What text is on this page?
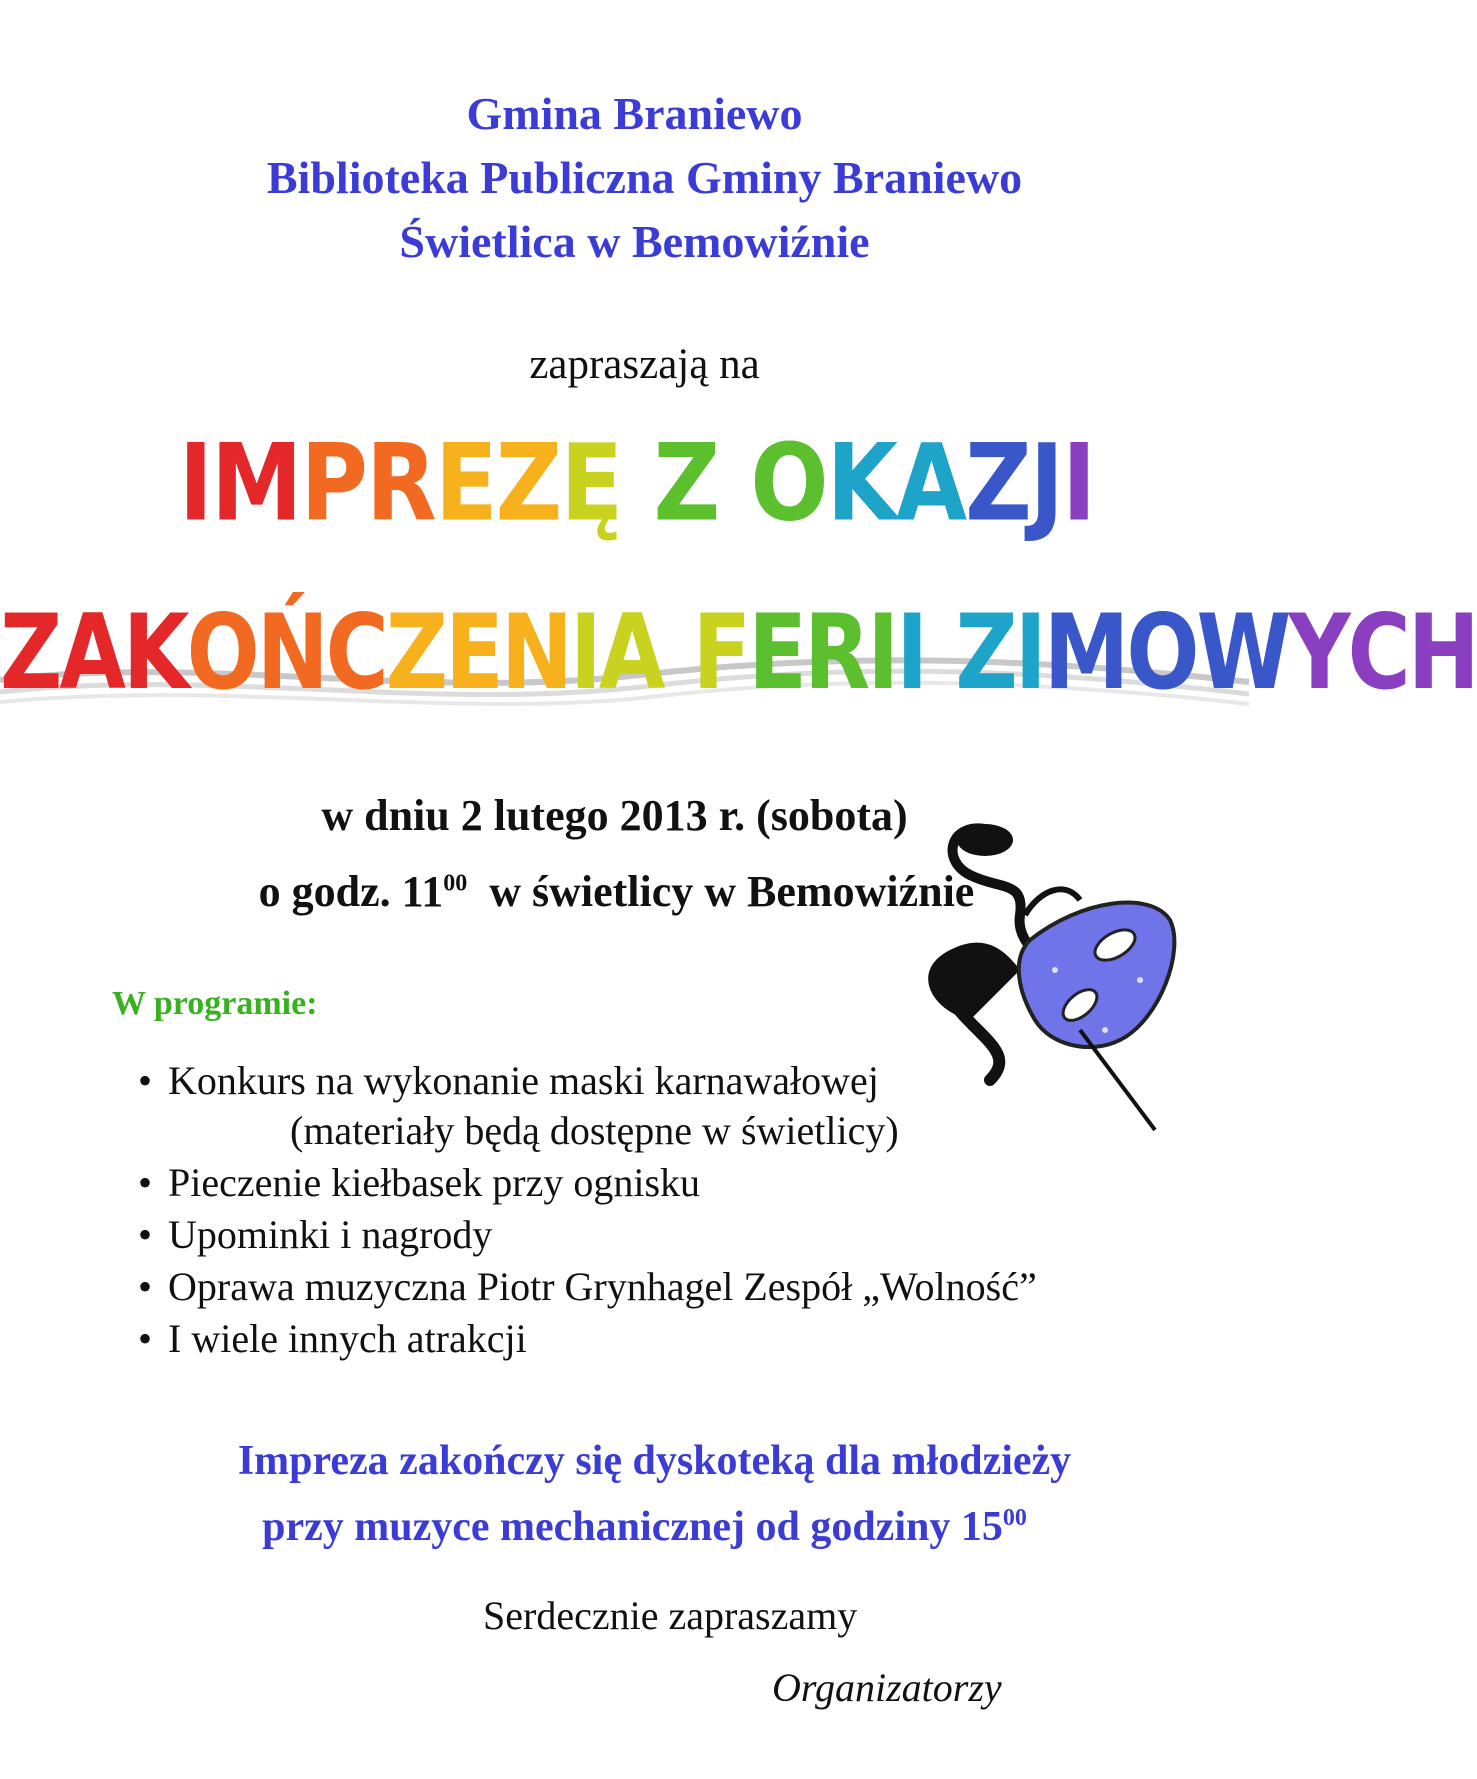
Gmina Braniewo
Biblioteka Publiczna Gminy Braniewo
Świetlica w Bemowiźnie
zapraszają na
IMPREZĘ Z OKAZJI
ZAKOŃCZENIA FERII ZIMOWYCH
w dniu 2 lutego 2013 r. (sobota)
o godz. $11^{00}$ w świetlicy w Bemowiźnie
W programie:
• Konkurs na wykonanie maski karnawałowej
(materiały będą dostępne w świetlicy)
• Pieczenie kiełbasek przy ognisku
• Upominki i nagrody
• Oprawa muzyczna Piotr Grynhagel Zespół „Wolność”
• I wiele innych atrakcji
Impreza zakończy się dyskoteką dla młodzieży
przy muzyce mechanicznej od godziny $15^{00}$
Serdecznie zapraszamy
Organizatorzy
